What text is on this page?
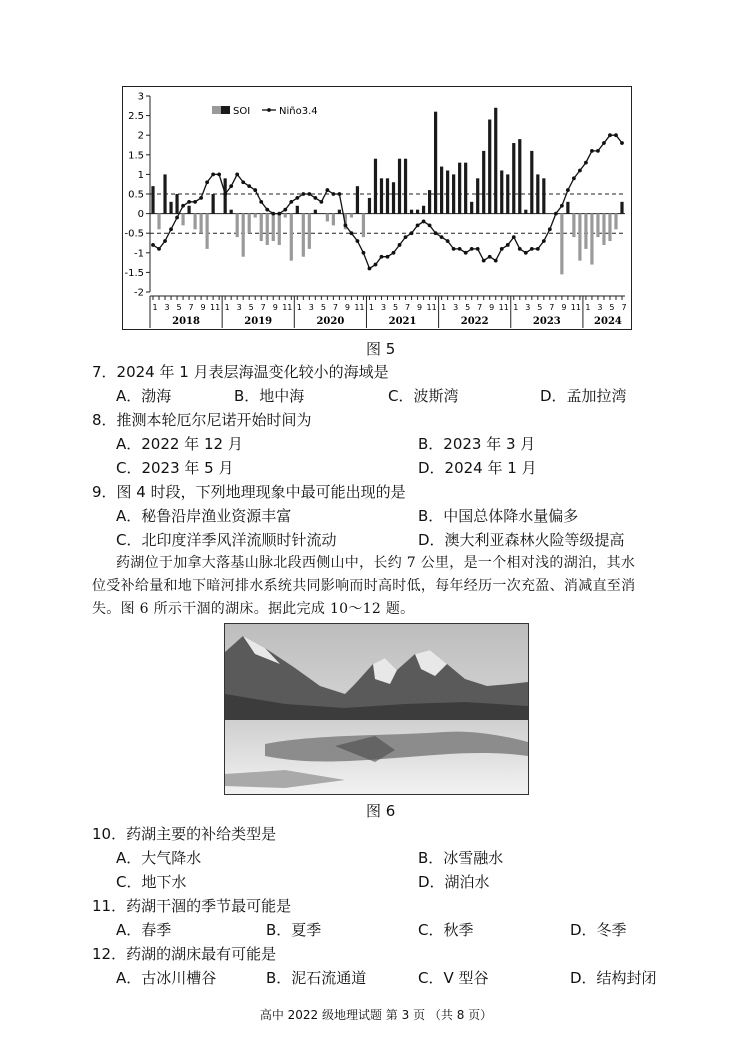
3
2.5
2
1.5
1
0.5
0
-0.5
-1
-1.5
-2
SOI	Niño3.4
1 3 5 7 9 11 1 3 5 7 9 11 1 3 5 7 9 11 1 3 5 7 9 11 1 3 5 7 9 11 1 3 5 7 9 11 1 3 5 7
2018	2019	2020	2021	2022	2023	2024
图 5
7．2024 年 1 月表层海温变化较小的海域是
A．渤海	B．地中海	C．波斯湾	D．孟加拉湾
8．推测本轮厄尔尼诺开始时间为
A．2022 年 12 月	B．2023 年 3 月
C．2023 年 5 月	D．2024 年 1 月
9．图 4 时段，下列地理现象中最可能出现的是
A．秘鲁沿岸渔业资源丰富	B．中国总体降水量偏多
C．北印度洋季风洋流顺时针流动	D．澳大利亚森林火险等级提高

药湖位于加拿大落基山脉北段西侧山中，长约 7 公里，是一个相对浅的湖泊，其水

位受补给量和地下暗河排水系统共同影响而时高时低，每年经历一次充盈、消减直至消

失。图 6 所示干涸的湖床。据此完成 10～12 题。

图 6
10．药湖主要的补给类型是
A．大气降水	B．冰雪融水
C．地下水	D．湖泊水
11．药湖干涸的季节最可能是
A．春季	B．夏季	C．秋季	D．冬季
12．药湖的湖床最有可能是
A．古冰川槽谷	B．泥石流通道	C．V 型谷	D．结构封闭
高中 2022 级地理试题 第 3 页 （共 8 页）
